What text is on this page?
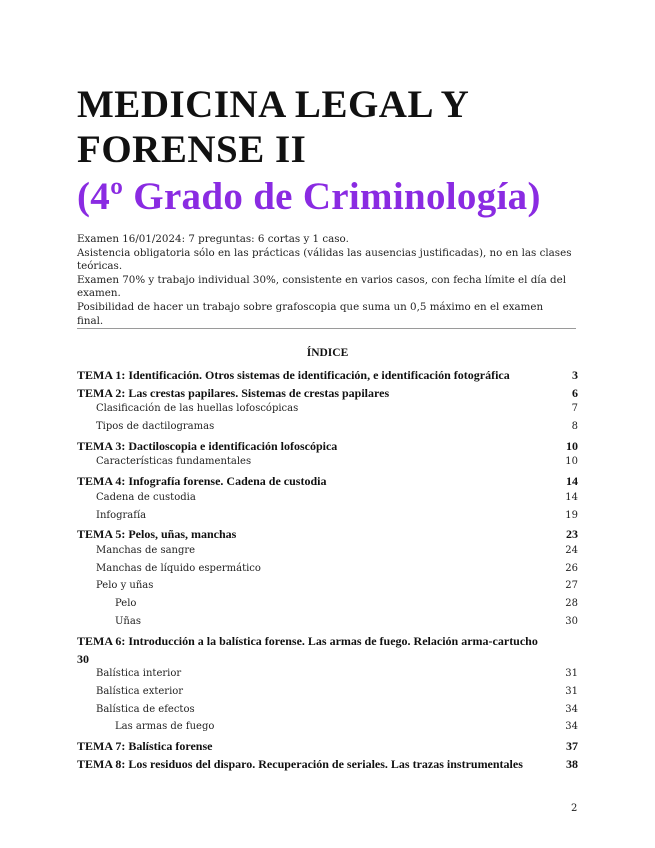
MEDICINA LEGAL Y FORENSE II
(4º Grado de Criminología)

Examen 16/01/2024: 7 preguntas: 6 cortas y 1 caso.

Asistencia obligatoria sólo en las prácticas (válidas las ausencias justificadas), no en las clases teóricas.

Examen 70% y trabajo individual 30%, consistente en varios casos, con fecha límite el día del examen.

Posibilidad de hacer un trabajo sobre grafoscopia que suma un 0,5 máximo en el examen final.

ÍNDICE
TEMA 1: Identificación. Otros sistemas de identificación, e identificación fotográfica	3
TEMA 2: Las crestas papilares. Sistemas de crestas papilares	6
Clasificación de las huellas lofoscópicas	7
Tipos de dactilogramas	8
TEMA 3: Dactiloscopia e identificación lofoscópica	10
Características fundamentales	10
TEMA 4: Infografía forense. Cadena de custodia	14
Cadena de custodia	14
Infografía	19
TEMA 5: Pelos, uñas, manchas	23
Manchas de sangre	24
Manchas de líquido espermático	26
Pelo y uñas	27
Pelo	28
Uñas	30
TEMA 6: Introducción a la balística forense. Las armas de fuego. Relación arma-cartucho
30
Balística interior	31
Balística exterior	31
Balística de efectos	34
Las armas de fuego	34
TEMA 7: Balística forense	37
TEMA 8: Los residuos del disparo. Recuperación de seriales. Las trazas instrumentales	38
2
